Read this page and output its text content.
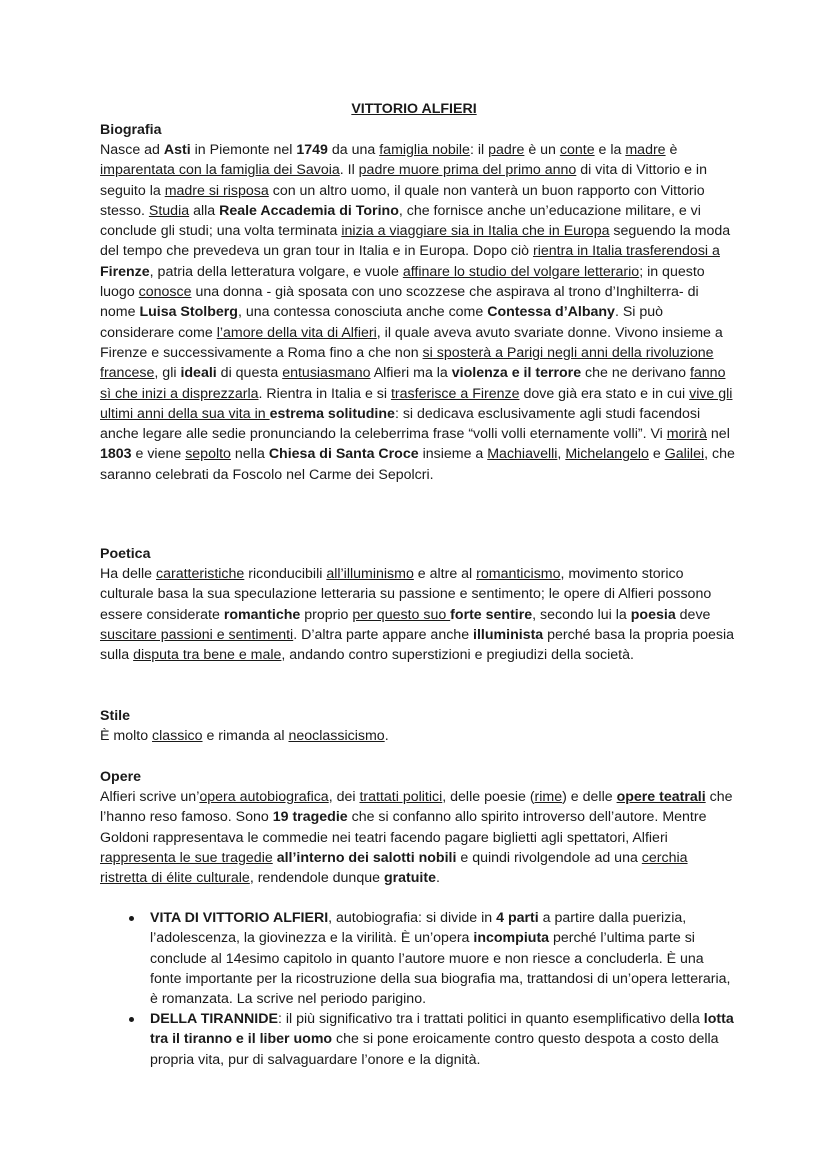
VITTORIO ALFIERI
Biografia

Nasce ad Asti in Piemonte nel 1749 da una famiglia nobile: il padre è un conte e la madre è imparentata con la famiglia dei Savoia. Il padre muore prima del primo anno di vita di Vittorio e in seguito la madre si risposa con un altro uomo, il quale non vanterà un buon rapporto con Vittorio stesso. Studia alla Reale Accademia di Torino, che fornisce anche un’educazione militare, e vi conclude gli studi; una volta terminata inizia a viaggiare sia in Italia che in Europa seguendo la moda del tempo che prevedeva un gran tour in Italia e in Europa. Dopo ciò rientra in Italia trasferendosi a Firenze, patria della letteratura volgare, e vuole affinare lo studio del volgare letterario; in questo luogo conosce una donna - già sposata con uno scozzese che aspirava al trono d’Inghilterra- di nome Luisa Stolberg, una contessa conosciuta anche come Contessa d’Albany. Si può considerare come l’amore della vita di Alfieri, il quale aveva avuto svariate donne. Vivono insieme a Firenze e successivamente a Roma fino a che non si sposterà a Parigi negli anni della rivoluzione francese, gli ideali di questa entusiasmano Alfieri ma la violenza e il terrore che ne derivano fanno sì che inizi a disprezzarla. Rientra in Italia e si trasferisce a Firenze dove già era stato e in cui vive gli ultimi anni della sua vita in estrema solitudine: si dedicava esclusivamente agli studi facendosi anche legare alle sedie pronunciando la celeberrima frase “volli volli eternamente volli”. Vi morirà nel 1803 e viene sepolto nella Chiesa di Santa Croce insieme a Machiavelli, Michelangelo e Galilei, che saranno celebrati da Foscolo nel Carme dei Sepolcri.

Poetica

Ha delle caratteristiche riconducibili all’illuminismo e altre al romanticismo, movimento storico culturale basa la sua speculazione letteraria su passione e sentimento; le opere di Alfieri possono essere considerate romantiche proprio per questo suo forte sentire, secondo lui la poesia deve suscitare passioni e sentimenti. D’altra parte appare anche illuminista perché basa la propria poesia sulla disputa tra bene e male, andando contro superstizioni e pregiudizi della società.

Stile

È molto classico e rimanda al neoclassicismo.

Opere

Alfieri scrive un’opera autobiografica, dei trattati politici, delle poesie (rime) e delle opere teatrali che l’hanno reso famoso. Sono 19 tragedie che si confanno allo spirito introverso dell’autore. Mentre Goldoni rappresentava le commedie nei teatri facendo pagare biglietti agli spettatori, Alfieri rappresenta le sue tragedie all’interno dei salotti nobili e quindi rivolgendole ad una cerchia ristretta di élite culturale, rendendole dunque gratuite.

VITA DI VITTORIO ALFIERI, autobiografia: si divide in 4 parti a partire dalla puerizia, l’adolescenza, la giovinezza e la virilità. È un’opera incompiuta perché l’ultima parte si conclude al 14esimo capitolo in quanto l’autore muore e non riesce a concluderla. È una fonte importante per la ricostruzione della sua biografia ma, trattandosi di un’opera letteraria, è romanzata. La scrive nel periodo parigino.

DELLA TIRANNIDE: il più significativo tra i trattati politici in quanto esemplificativo della lotta tra il tiranno e il liber uomo che si pone eroicamente contro questo despota a costo della propria vita, pur di salvaguardare l’onore e la dignità.
